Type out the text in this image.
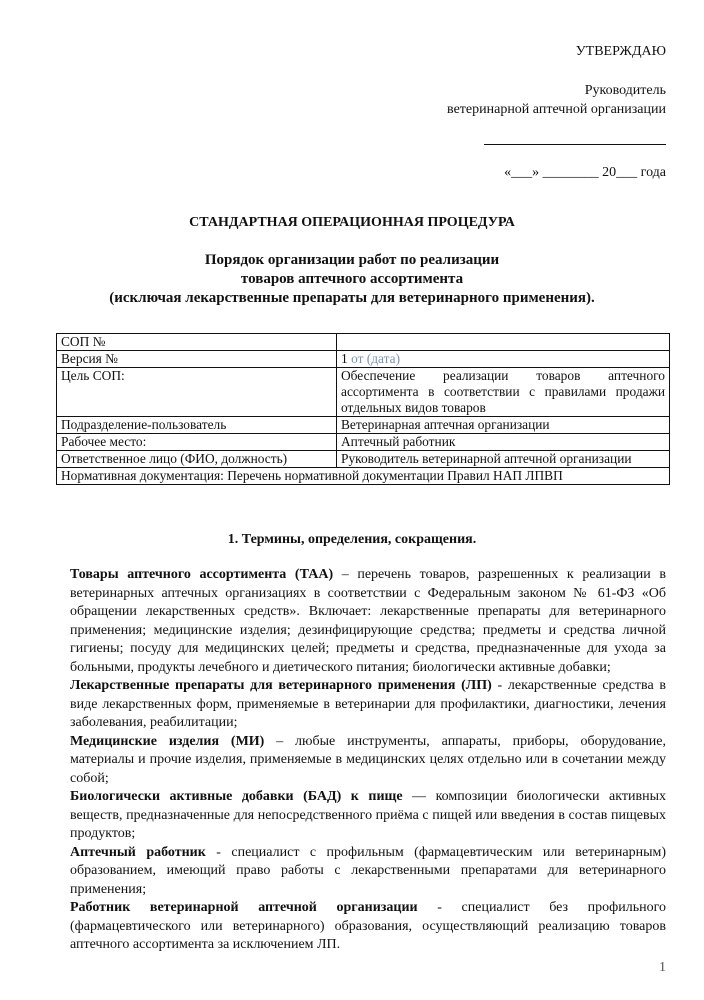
УТВЕРЖДАЮ
Руководитель
ветеринарной аптечной организации
«___» ________ 20___ года
СТАНДАРТНАЯ ОПЕРАЦИОННАЯ ПРОЦЕДУРА
Порядок организации работ по реализации
товаров аптечного ассортимента
(исключая лекарственные препараты для ветеринарного применения).
СОП №	
Версия №	1 от (дата)
Цель СОП:	Обеспечение реализации товаров аптечного ассортимента в соответствии с правилами продажи отдельных видов товаров
Подразделение-пользователь	Ветеринарная аптечная организации
Рабочее место:	Аптечный работник
Ответственное лицо (ФИО, должность)	Руководитель ветеринарной аптечной организации
Нормативная документация: Перечень нормативной документации Правил НАП ЛПВП	
1. Термины, определения, сокращения.

Товары аптечного ассортимента (ТАА) – перечень товаров, разрешенных к реализации в ветеринарных аптечных организациях в соответствии с Федеральным законом № 61-ФЗ «Об обращении лекарственных средств». Включает: лекарственные препараты для ветеринарного применения; медицинские изделия; дезинфицирующие средства; предметы и средства личной гигиены; посуду для медицинских целей; предметы и средства, предназначенные для ухода за больными, продукты лечебного и диетического питания; биологически активные добавки;

Лекарственные препараты для ветеринарного применения (ЛП) - лекарственные средства в виде лекарственных форм, применяемые в ветеринарии для профилактики, диагностики, лечения заболевания, реабилитации;

Медицинские изделия (МИ) – любые инструменты, аппараты, приборы, оборудование, материалы и прочие изделия, применяемые в медицинских целях отдельно или в сочетании между собой;

Биологически активные добавки (БАД) к пище — композиции биологически активных веществ, предназначенные для непосредственного приёма с пищей или введения в состав пищевых продуктов;

Аптечный работник - специалист с профильным (фармацевтическим или ветеринарным) образованием, имеющий право работы с лекарственными препаратами для ветеринарного применения;

Работник ветеринарной аптечной организации - специалист без профильного (фармацевтического или ветеринарного) образования, осуществляющий реализацию товаров аптечного ассортимента за исключением ЛП.

1
